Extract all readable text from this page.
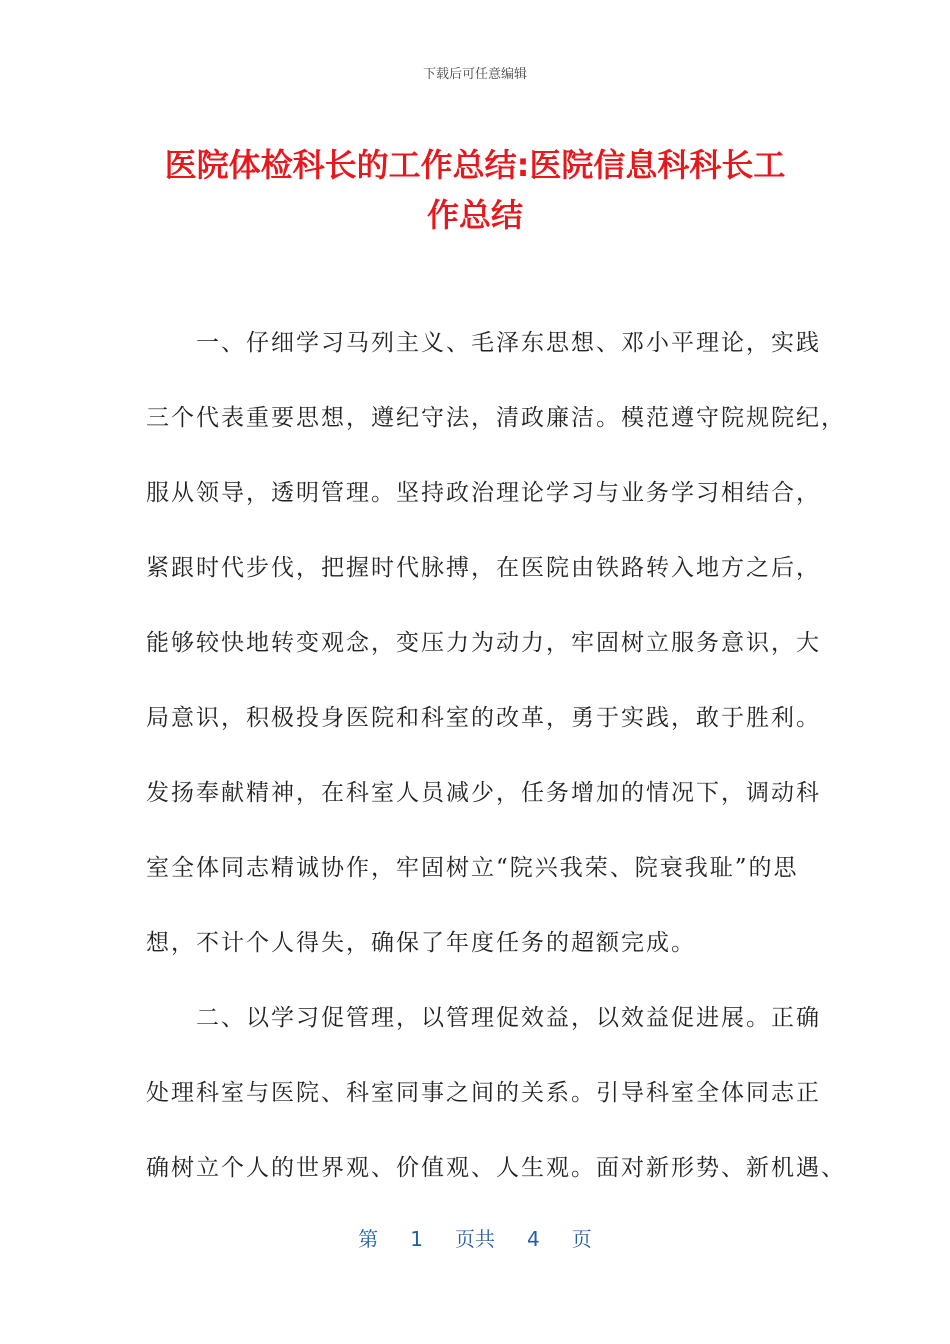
下载后可任意编辑
医院体检科长的工作总结:医院信息科科长工
作总结

　　一、仔细学习马列主义、毛泽东思想、邓小平理论，实践
三个代表重要思想，遵纪守法，清政廉洁。模范遵守院规院纪，
服从领导，透明管理。坚持政治理论学习与业务学习相结合，
紧跟时代步伐，把握时代脉搏，在医院由铁路转入地方之后，
能够较快地转变观念，变压力为动力，牢固树立服务意识，大
局意识，积极投身医院和科室的改革，勇于实践，敢于胜利。
发扬奉献精神，在科室人员减少，任务增加的情况下，调动科
室全体同志精诚协作，牢固树立“院兴我荣、院衰我耻”的思
想，不计个人得失，确保了年度任务的超额完成。

　　二、以学习促管理，以管理促效益，以效益促进展。正确
处理科室与医院、科室同事之间的关系。引导科室全体同志正
确树立个人的世界观、价值观、人生观。面对新形势、新机遇、

第 1 页共 4 页
